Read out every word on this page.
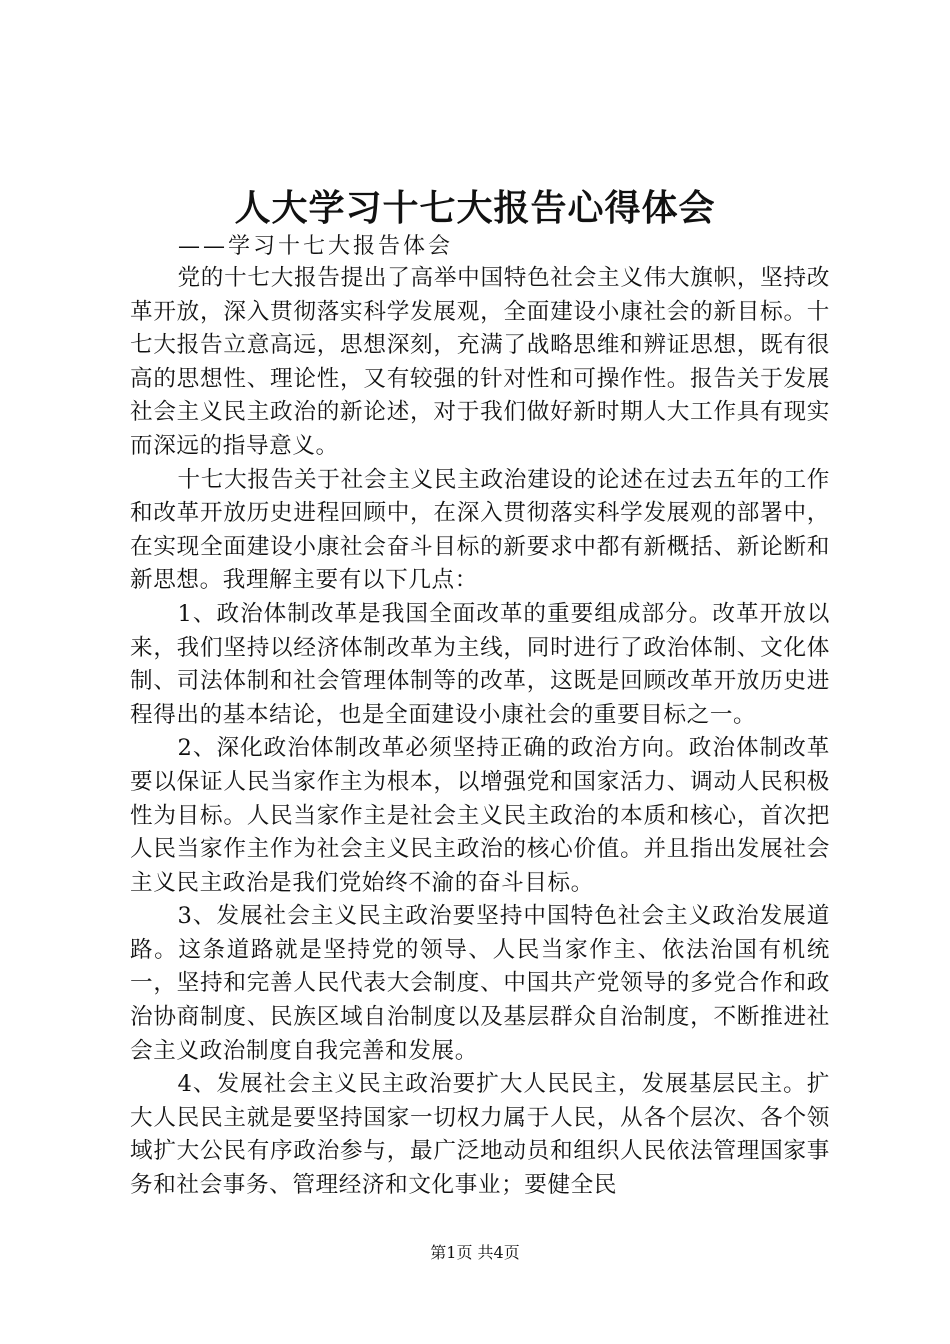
人大学习十七大报告心得体会
——学习十七大报告体会

党的十七大报告提出了高举中国特色社会主义伟大旗帜，坚持改革开放，深入贯彻落实科学发展观，全面建设小康社会的新目标。十七大报告立意高远，思想深刻，充满了战略思维和辨证思想，既有很高的思想性、理论性，又有较强的针对性和可操作性。报告关于发展社会主义民主政治的新论述，对于我们做好新时期人大工作具有现实而深远的指导意义。

十七大报告关于社会主义民主政治建设的论述在过去五年的工作和改革开放历史进程回顾中，在深入贯彻落实科学发展观的部署中，在实现全面建设小康社会奋斗目标的新要求中都有新概括、新论断和新思想。我理解主要有以下几点：

1、政治体制改革是我国全面改革的重要组成部分。改革开放以来，我们坚持以经济体制改革为主线，同时进行了政治体制、文化体制、司法体制和社会管理体制等的改革，这既是回顾改革开放历史进程得出的基本结论，也是全面建设小康社会的重要目标之一。

2、深化政治体制改革必须坚持正确的政治方向。政治体制改革要以保证人民当家作主为根本，以增强党和国家活力、调动人民积极性为目标。人民当家作主是社会主义民主政治的本质和核心，首次把人民当家作主作为社会主义民主政治的核心价值。并且指出发展社会主义民主政治是我们党始终不渝的奋斗目标。

3、发展社会主义民主政治要坚持中国特色社会主义政治发展道路。这条道路就是坚持党的领导、人民当家作主、依法治国有机统一，坚持和完善人民代表大会制度、中国共产党领导的多党合作和政治协商制度、民族区域自治制度以及基层群众自治制度，不断推进社会主义政治制度自我完善和发展。

4、发展社会主义民主政治要扩大人民民主，发展基层民主。扩大人民民主就是要坚持国家一切权力属于人民，从各个层次、各个领域扩大公民有序政治参与，最广泛地动员和组织人民依法管理国家事务和社会事务、管理经济和文化事业；要健全民

第1页 共4页
